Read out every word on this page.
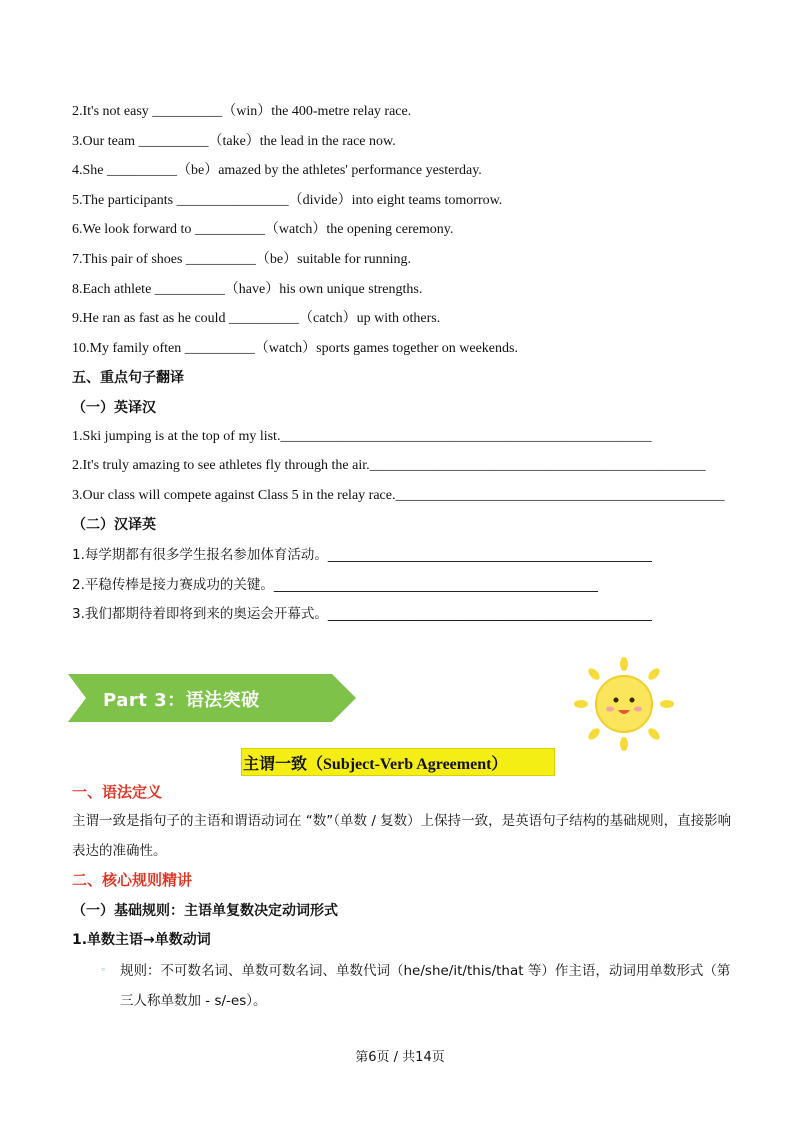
2.It's not easy __________（win）the 400-metre relay race.
3.Our team __________（take）the lead in the race now.
4.She __________（be）amazed by the athletes' performance yesterday.
5.The participants ________________（divide）into eight teams tomorrow.
6.We look forward to __________（watch）the opening ceremony.
7.This pair of shoes __________（be）suitable for running.
8.Each athlete __________（have）his own unique strengths.
9.He ran as fast as he could __________（catch）up with others.
10.My family often __________（watch）sports games together on weekends.
五、重点句子翻译
（一）英译汉
1.Ski jumping is at the top of my list._____________________________________________________
2.It's truly amazing to see athletes fly through the air.________________________________________________
3.Our class will compete against Class 5 in the relay race._______________________________________________
（二）汉译英
1.每学期都有很多学生报名参加体育活动。________________________________________________
2.平稳传棒是接力赛成功的关键。________________________________________________
3.我们都期待着即将到来的奥运会开幕式。________________________________________________
Part 3：语法突破
主谓一致（Subject-Verb Agreement）
一、语法定义
主谓一致是指句子的主语和谓语动词在 “数”（单数 / 复数）上保持一致，是英语句子结构的基础规则，直接影响表达的准确性。
二、核心规则精讲
（一）基础规则：主语单复数决定动词形式
1.单数主语→单数动词
◦ 规则：不可数名词、单数可数名词、单数代词（he/she/it/this/that 等）作主语，动词用单数形式（第三人称单数加 - s/-es）。
第6页 / 共14页
